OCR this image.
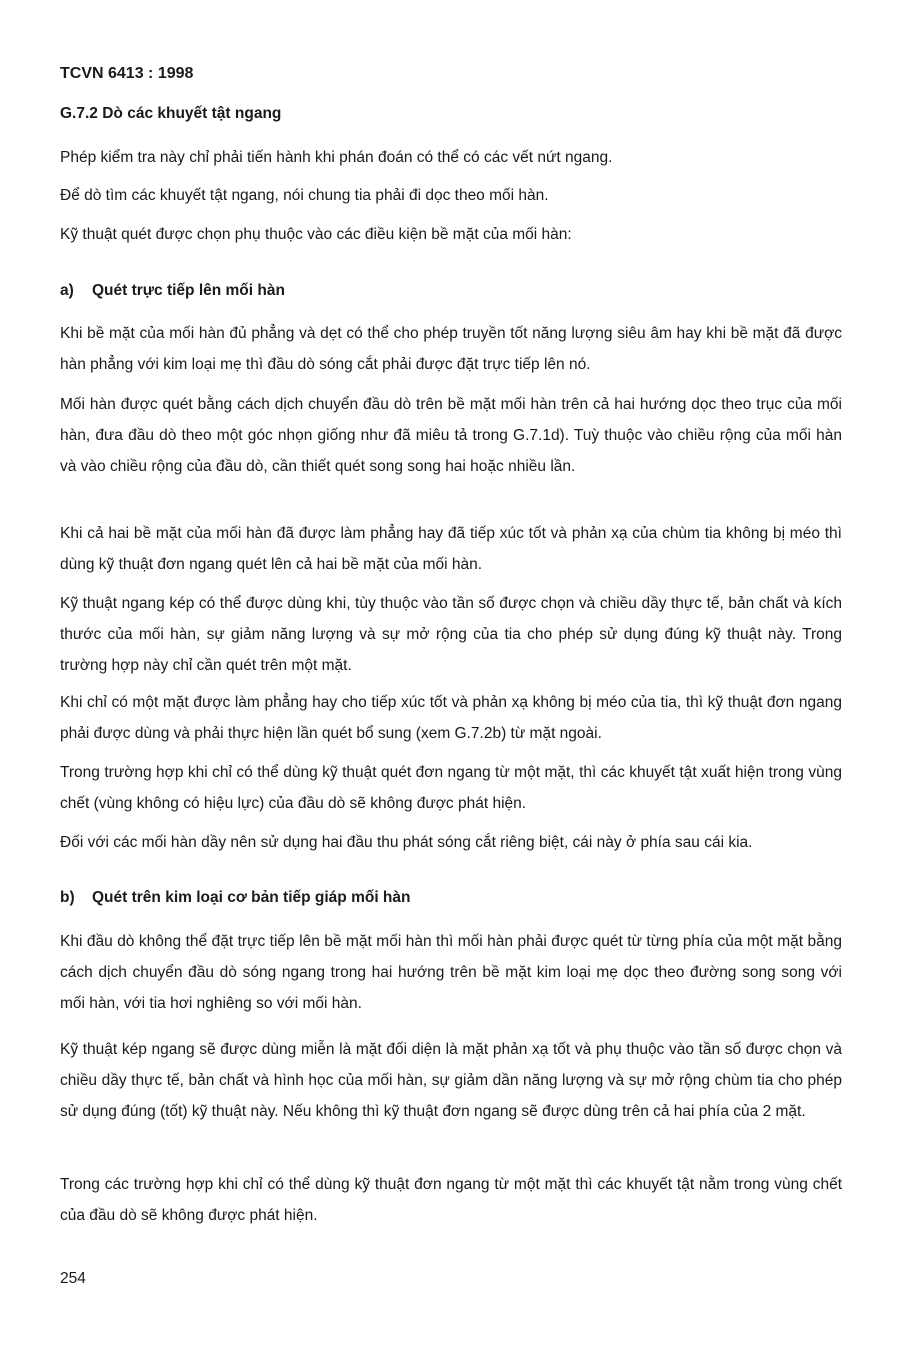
TCVN 6413 : 1998
G.7.2 Dò các khuyết tật ngang

Phép kiểm tra này chỉ phải tiến hành khi phán đoán có thể có các vết nứt ngang.

Để dò tìm các khuyết tật ngang, nói chung tia phải đi dọc theo mối hàn.

Kỹ thuật quét được chọn phụ thuộc vào các điều kiện bề mặt của mối hàn:

a) Quét trực tiếp lên mối hàn

Khi bề mặt của mối hàn đủ phẳng và dẹt có thể cho phép truyền tốt năng lượng siêu âm hay khi bề mặt đã được hàn phẳng với kim loại mẹ thì đầu dò sóng cắt phải được đặt trực tiếp lên nó.

Mối hàn được quét bằng cách dịch chuyển đầu dò trên bề mặt mối hàn trên cả hai hướng dọc theo trục của mối hàn, đưa đầu dò theo một góc nhọn giống như đã miêu tả trong G.7.1d). Tuỳ thuộc vào chiều rộng của mối hàn và vào chiều rộng của đầu dò, cần thiết quét song song hai hoặc nhiều lần.

Khi cả hai bề mặt của mối hàn đã được làm phẳng hay đã tiếp xúc tốt và phản xạ của chùm tia không bị méo thì dùng kỹ thuật đơn ngang quét lên cả hai bề mặt của mối hàn.

Kỹ thuật ngang kép có thể được dùng khi, tùy thuộc vào tần số được chọn và chiều dầy thực tế, bản chất và kích thước của mối hàn, sự giảm năng lượng và sự mở rộng của tia cho phép sử dụng đúng kỹ thuật này. Trong trường hợp này chỉ cần quét trên một mặt.

Khi chỉ có một mặt được làm phẳng hay cho tiếp xúc tốt và phản xạ không bị méo của tia, thì kỹ thuật đơn ngang phải được dùng và phải thực hiện lần quét bổ sung (xem G.7.2b) từ mặt ngoài.

Trong trường hợp khi chỉ có thể dùng kỹ thuật quét đơn ngang từ một mặt, thì các khuyết tật xuất hiện trong vùng chết (vùng không có hiệu lực) của đầu dò sẽ không được phát hiện.

Đối với các mối hàn dầy nên sử dụng hai đầu thu phát sóng cắt riêng biệt, cái này ở phía sau cái kia.

b) Quét trên kim loại cơ bản tiếp giáp mối hàn

Khi đầu dò không thể đặt trực tiếp lên bề mặt mối hàn thì mối hàn phải được quét từ từng phía của một mặt bằng cách dịch chuyển đầu dò sóng ngang trong hai hướng trên bề mặt kim loại mẹ dọc theo đường song song với mối hàn, với tia hơi nghiêng so với mối hàn.

Kỹ thuật kép ngang sẽ được dùng miễn là mặt đối diện là mặt phản xạ tốt và phụ thuộc vào tần số được chọn và chiều dầy thực tế, bản chất và hình học của mối hàn, sự giảm dần năng lượng và sự mở rộng chùm tia cho phép sử dụng đúng (tốt) kỹ thuật này. Nếu không thì kỹ thuật đơn ngang sẽ được dùng trên cả hai phía của 2 mặt.

Trong các trường hợp khi chỉ có thể dùng kỹ thuật đơn ngang từ một mặt thì các khuyết tật nằm trong vùng chết của đầu dò sẽ không được phát hiện.

254
